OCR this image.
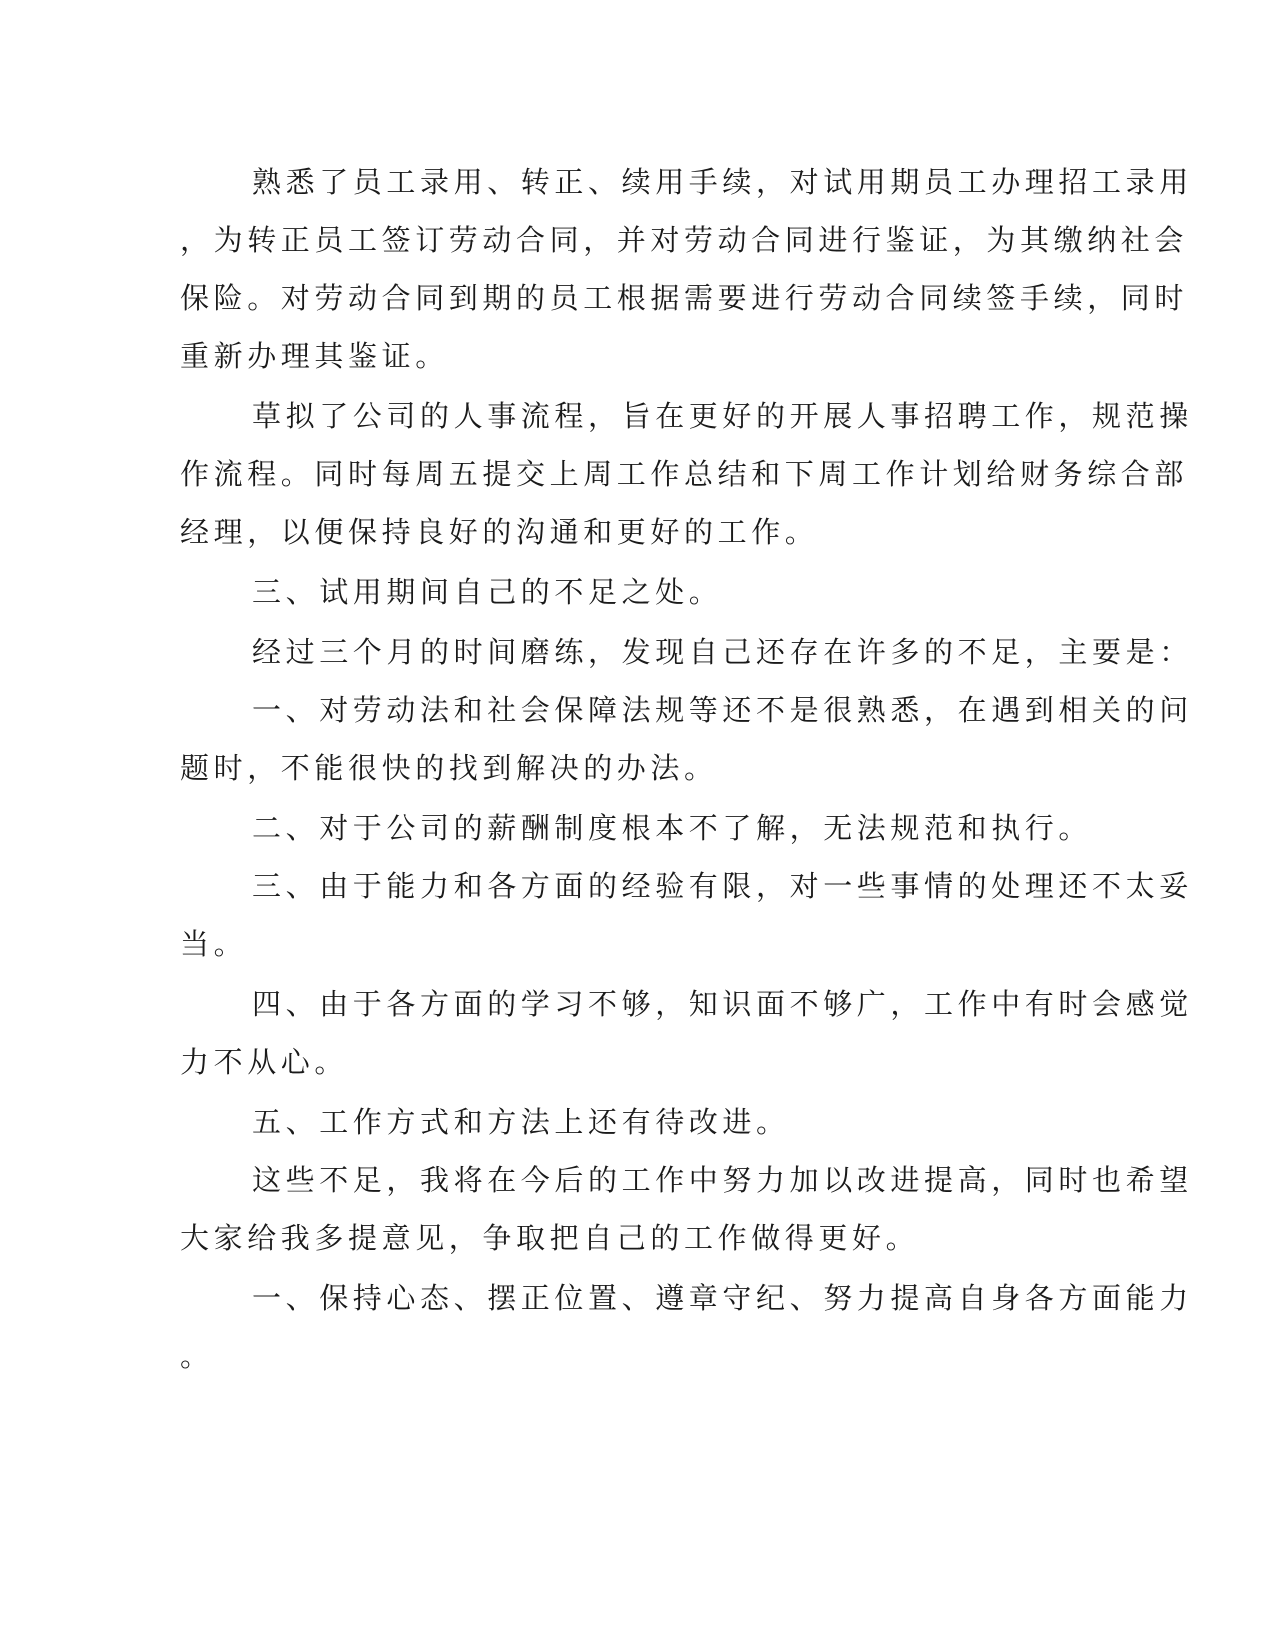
熟悉了员工录用、转正、续用手续，对试用期员工办理招工录用
，为转正员工签订劳动合同，并对劳动合同进行鉴证，为其缴纳社会
保险。对劳动合同到期的员工根据需要进行劳动合同续签手续，同时
重新办理其鉴证。
草拟了公司的人事流程，旨在更好的开展人事招聘工作，规范操
作流程。同时每周五提交上周工作总结和下周工作计划给财务综合部
经理，以便保持良好的沟通和更好的工作。
三、试用期间自己的不足之处。
经过三个月的时间磨练，发现自己还存在许多的不足，主要是：
一、对劳动法和社会保障法规等还不是很熟悉，在遇到相关的问
题时，不能很快的找到解决的办法。
二、对于公司的薪酬制度根本不了解，无法规范和执行。
三、由于能力和各方面的经验有限，对一些事情的处理还不太妥
当。
四、由于各方面的学习不够，知识面不够广，工作中有时会感觉
力不从心。
五、工作方式和方法上还有待改进。
这些不足，我将在今后的工作中努力加以改进提高，同时也希望
大家给我多提意见，争取把自己的工作做得更好。
一、保持心态、摆正位置、遵章守纪、努力提高自身各方面能力
。
